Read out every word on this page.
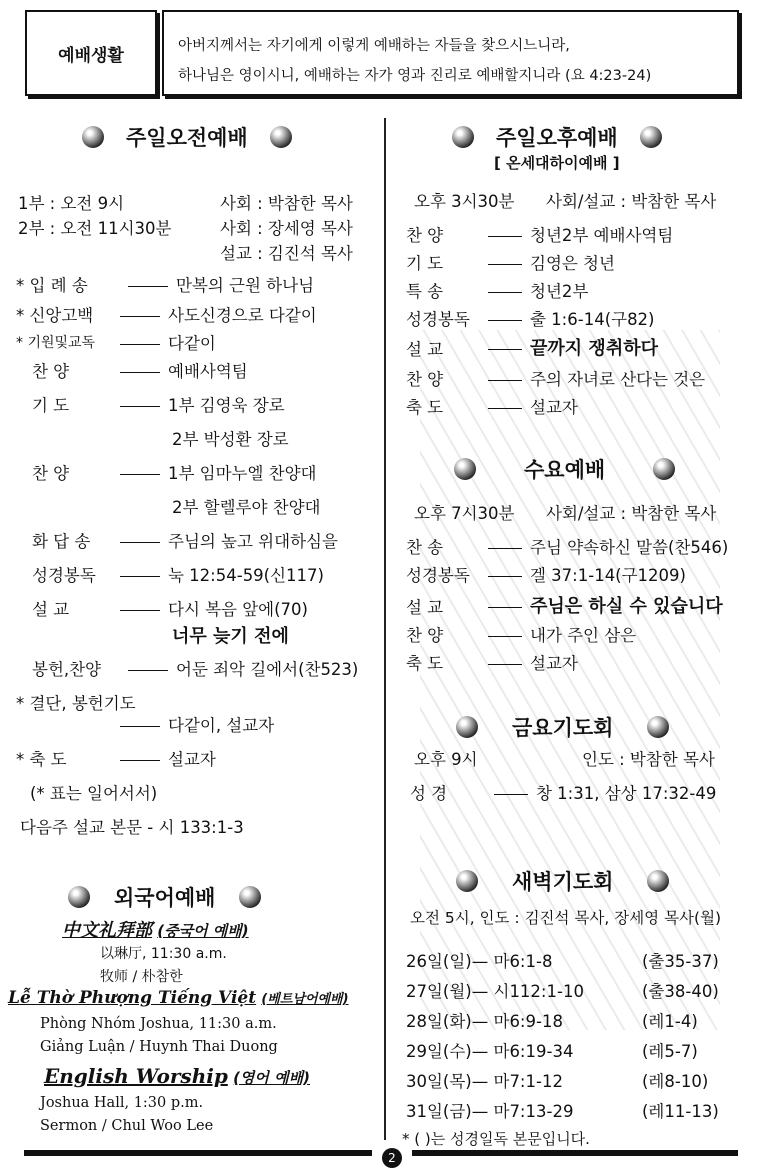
예배생활	아버지께서는 자기에게 이렇게 예배하는 자들을 찾으시느니라,
하나님은 영이시니, 예배하는 자가 영과 진리로 예배할지니라 (요 4:23-24)
주일오전예배
1부 : 오전 9시	사회 : 박참한 목사
2부 : 오전 11시30분	사회 : 장세영 목사
설교 : 김진석 목사
* 입 례 송	만복의 근원 하나님
* 신앙고백	사도신경으로 다같이
* 기원및교독	다같이
찬 양	예배사역팀
기 도	1부 김영욱 장로
2부 박성환 장로
찬 양	1부 임마누엘 찬양대
2부 할렐루야 찬양대
화 답 송	주님의 높고 위대하심을
성경봉독	눅 12:54-59(신117)
설 교	다시 복음 앞에(70)
너무 늦기 전에
봉헌,찬양	어둔 죄악 길에서(찬523)
* 결단, 봉헌기도
다같이, 설교자
* 축 도	설교자
(* 표는 일어서서)
다음주 설교 본문 - 시 133:1-3
외국어예배
中文礼拜部 (중국어 예배)
以琳厅, 11:30 a.m.
牧师 / 朴참한
Lễ Thờ Phượng Tiếng Việt (베트남어예배)
Phòng Nhóm Joshua, 11:30 a.m.
Giảng Luận / Huynh Thai Duong
English Worship (영어 예배)
Joshua Hall, 1:30 p.m.
Sermon / Chul Woo Lee
주일오후예배
[ 온세대하이예배 ]
오후 3시30분 사회/설교 : 박참한 목사
찬 양	청년2부 예배사역팀
기 도	김영은 청년
특 송	청년2부
성경봉독	출 1:6-14(구82)
설 교	끝까지 쟁취하다
찬 양	주의 자녀로 산다는 것은
축 도	설교자
수요예배
오후 7시30분 사회/설교 : 박참한 목사
찬 송	주님 약속하신 말씀(찬546)
성경봉독	겔 37:1-14(구1209)
설 교	주님은 하실 수 있습니다
찬 양	내가 주인 삼은
축 도	설교자
금요기도회
오후 9시	인도 : 박참한 목사
성 경	창 1:31, 삼상 17:32-49
새벽기도회
오전 5시, 인도 : 김진석 목사, 장세영 목사(월)
26일(일)— 마6:1-8	(출35-37)
27일(월)— 시112:1-10	(출38-40)
28일(화)— 마6:9-18	(레1-4)
29일(수)— 마6:19-34	(레5-7)
30일(목)— 마7:1-12	(레8-10)
31일(금)— 마7:13-29	(레11-13)
* ( )는 성경일독 본문입니다.
2
